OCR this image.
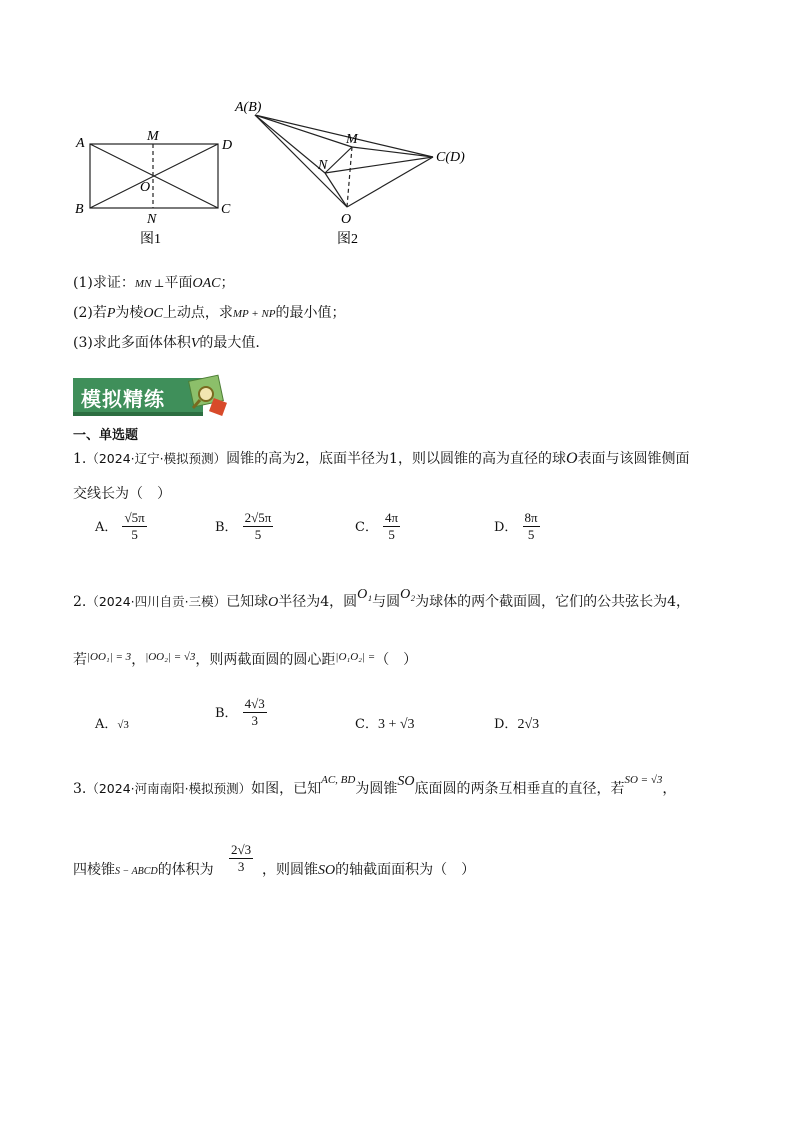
A	M
D
O
B
N
C
图1
A(B)
M
N
C(D)
O
图2
(1)求证：MN ⊥平面OAC；
(2)若P为棱OC上动点，求MP + NP的最小值；
(3)求此多面体体积V的最大值.
模拟精练
一、单选题
1.（2024·辽宁·模拟预测）圆锥的高为2，底面半径为1，则以圆锥的高为直径的球O表面与该圆锥侧面
交线长为（　）
A． $\frac{√5\pi}{5}$	B． $\frac{2√5\pi}{5}$	C． $\frac{4\pi}{5}$	D． $\frac{8\pi}{5}$
2.（2024·四川自贡·三模）已知球O半径为4，圆O₁与圆O₂为球体的两个截面圆，它们的公共弦长为4，
若$^{|OO_1| = 3}$，$^{|OO_2| = √3}$，则两截面圆的圆心距$^{|O_1O_2| =}$（　）
A．√3
B． $\frac{4√3}{3}$	C．3 + √3	D．2√3
3.（2024·河南南阳·模拟预测）如图，已知$^{AC, BD}$为圆锥SO底面圆的两条互相垂直的直径，若$^{SO = √3}$，
四棱锥S − ABCD的体积为 $\frac{2√3}{3}$ ，则圆锥SO的轴截面面积为（　）
